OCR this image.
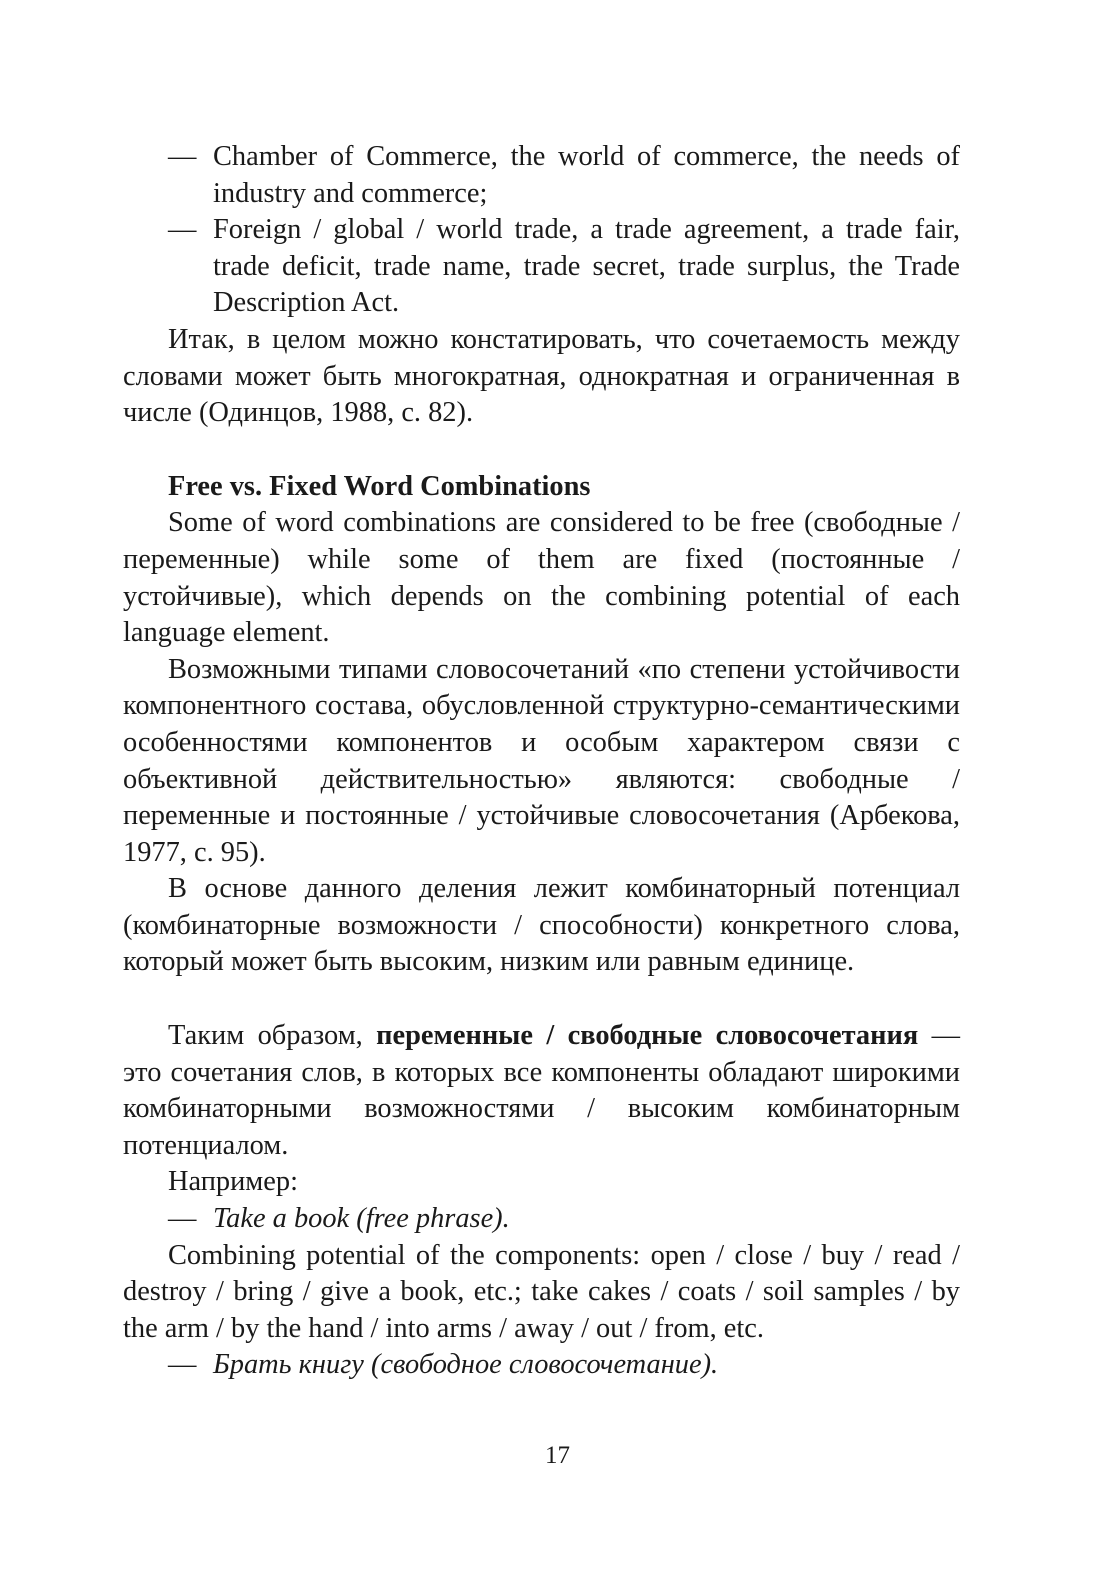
— Chamber of Commerce, the world of commerce, the needs of industry and commerce;
— Foreign / global / world trade, a trade agreement, a trade fair, trade deficit, trade name, trade secret, trade surplus, the Trade Description Act.

Итак, в целом можно констатировать, что сочетаемость между словами может быть многократная, однократная и ограниченная в числе (Одинцов, 1988, с. 82).

Free vs. Fixed Word Combinations

Some of word combinations are considered to be free (свободные / переменные) while some of them are fixed (постоянные / устойчивые), which depends on the combining potential of each language element.

Возможными типами словосочетаний «по степени устойчивости компонентного состава, обусловленной структурно-семантическими особенностями компонентов и особым характером связи с объективной действительностью» являются: свободные / переменные и постоянные / устойчивые словосочетания (Арбекова, 1977, с. 95).

В основе данного деления лежит комбинаторный потенциал (комбинаторные возможности / способности) конкретного слова, который может быть высоким, низким или равным единице.

Таким образом, переменные / свободные словосочетания — это сочетания слов, в которых все компоненты обладают широкими комбинаторными возможностями / высоким комбинаторным потенциалом.

Например:

— Take a book (free phrase).

Combining potential of the components: open / close / buy / read / destroy / bring / give a book, etc.; take cakes / coats / soil samples / by the arm / by the hand / into arms / away / out / from, etc.

— Брать книгу (свободное словосочетание).
17
